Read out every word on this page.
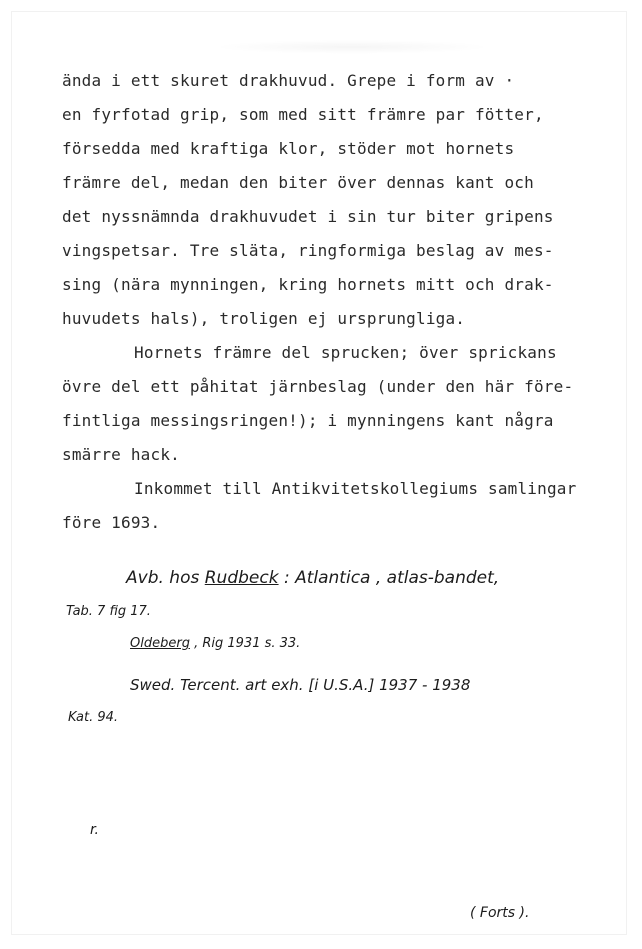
ända i ett skuret drakhuvud. Grepe i form av ·
en fyrfotad grip, som med sitt främre par fötter,
försedda med kraftiga klor, stöder mot hornets
främre del, medan den biter över dennas kant och
det nyssnämnda drakhuvudet i sin tur biter gripens
vingspetsar. Tre släta, ringformiga beslag av mes-
sing (nära mynningen, kring hornets mitt och drak-
huvudets hals), troligen ej ursprungliga.
Hornets främre del sprucken; över sprickans
övre del ett påhitat järnbeslag (under den här före-
fintliga messingsringen!); i mynningens kant några
smärre hack.
Inkommet till Antikvitetskollegiums samlingar
före 1693.
Avb. hos Rudbeck : Atlantica , atlas-bandet,
Tab. 7 fig 17.
Oldeberg , Rig 1931 s. 33.
Swed. Tercent. art exh. [i U.S.A.] 1937 - 1938
Kat. 94.
r.
( Forts ).
